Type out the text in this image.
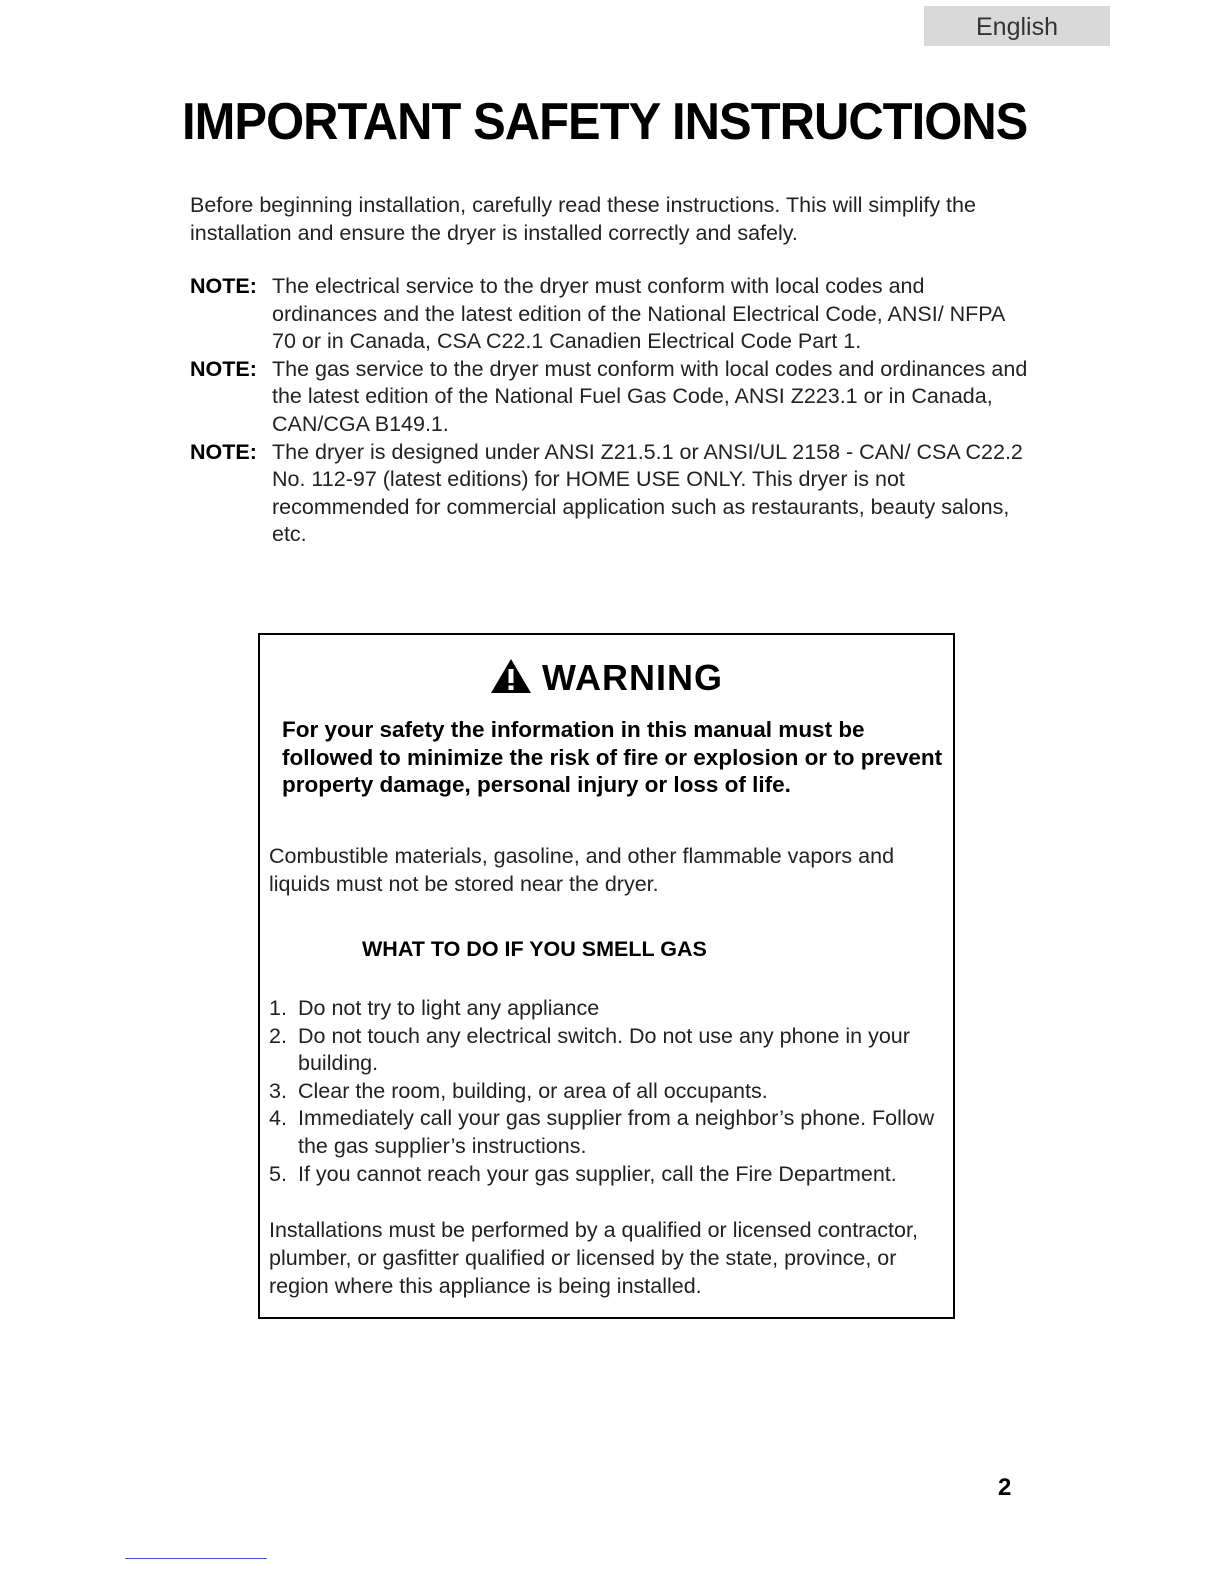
English
IMPORTANT SAFETY INSTRUCTIONS

Before beginning installation, carefully read these instructions. This will simplify the installation and ensure the dryer is installed correctly and safely.

NOTE: The electrical service to the dryer must conform with local codes and ordinances and the latest edition of the National Electrical Code, ANSI/ NFPA 70 or in Canada, CSA C22.1 Canadien Electrical Code Part 1.
NOTE: The gas service to the dryer must conform with local codes and ordinances and the latest edition of the National Fuel Gas Code, ANSI Z223.1 or in Canada, CAN/CGA B149.1.
NOTE: The dryer is designed under ANSI Z21.5.1 or ANSI/UL 2158 - CAN/ CSA C22.2 No. 112-97 (latest editions) for HOME USE ONLY. This dryer is not recommended for commercial application such as restaurants, beauty salons, etc.
WARNING
For your safety the information in this manual must be followed to minimize the risk of fire or explosion or to prevent property damage, personal injury or loss of life.
Combustible materials, gasoline, and other flammable vapors and liquids must not be stored near the dryer.
WHAT TO DO IF YOU SMELL GAS
1. Do not try to light any appliance
2. Do not touch any electrical switch. Do not use any phone in your building.
3. Clear the room, building, or area of all occupants.
4. Immediately call your gas supplier from a neighbor’s phone. Follow the gas supplier’s instructions.
5. If you cannot reach your gas supplier, call the Fire Department.
Installations must be performed by a qualified or licensed contractor, plumber, or gasfitter qualified or licensed by the state, province, or region where this appliance is being installed.
2
